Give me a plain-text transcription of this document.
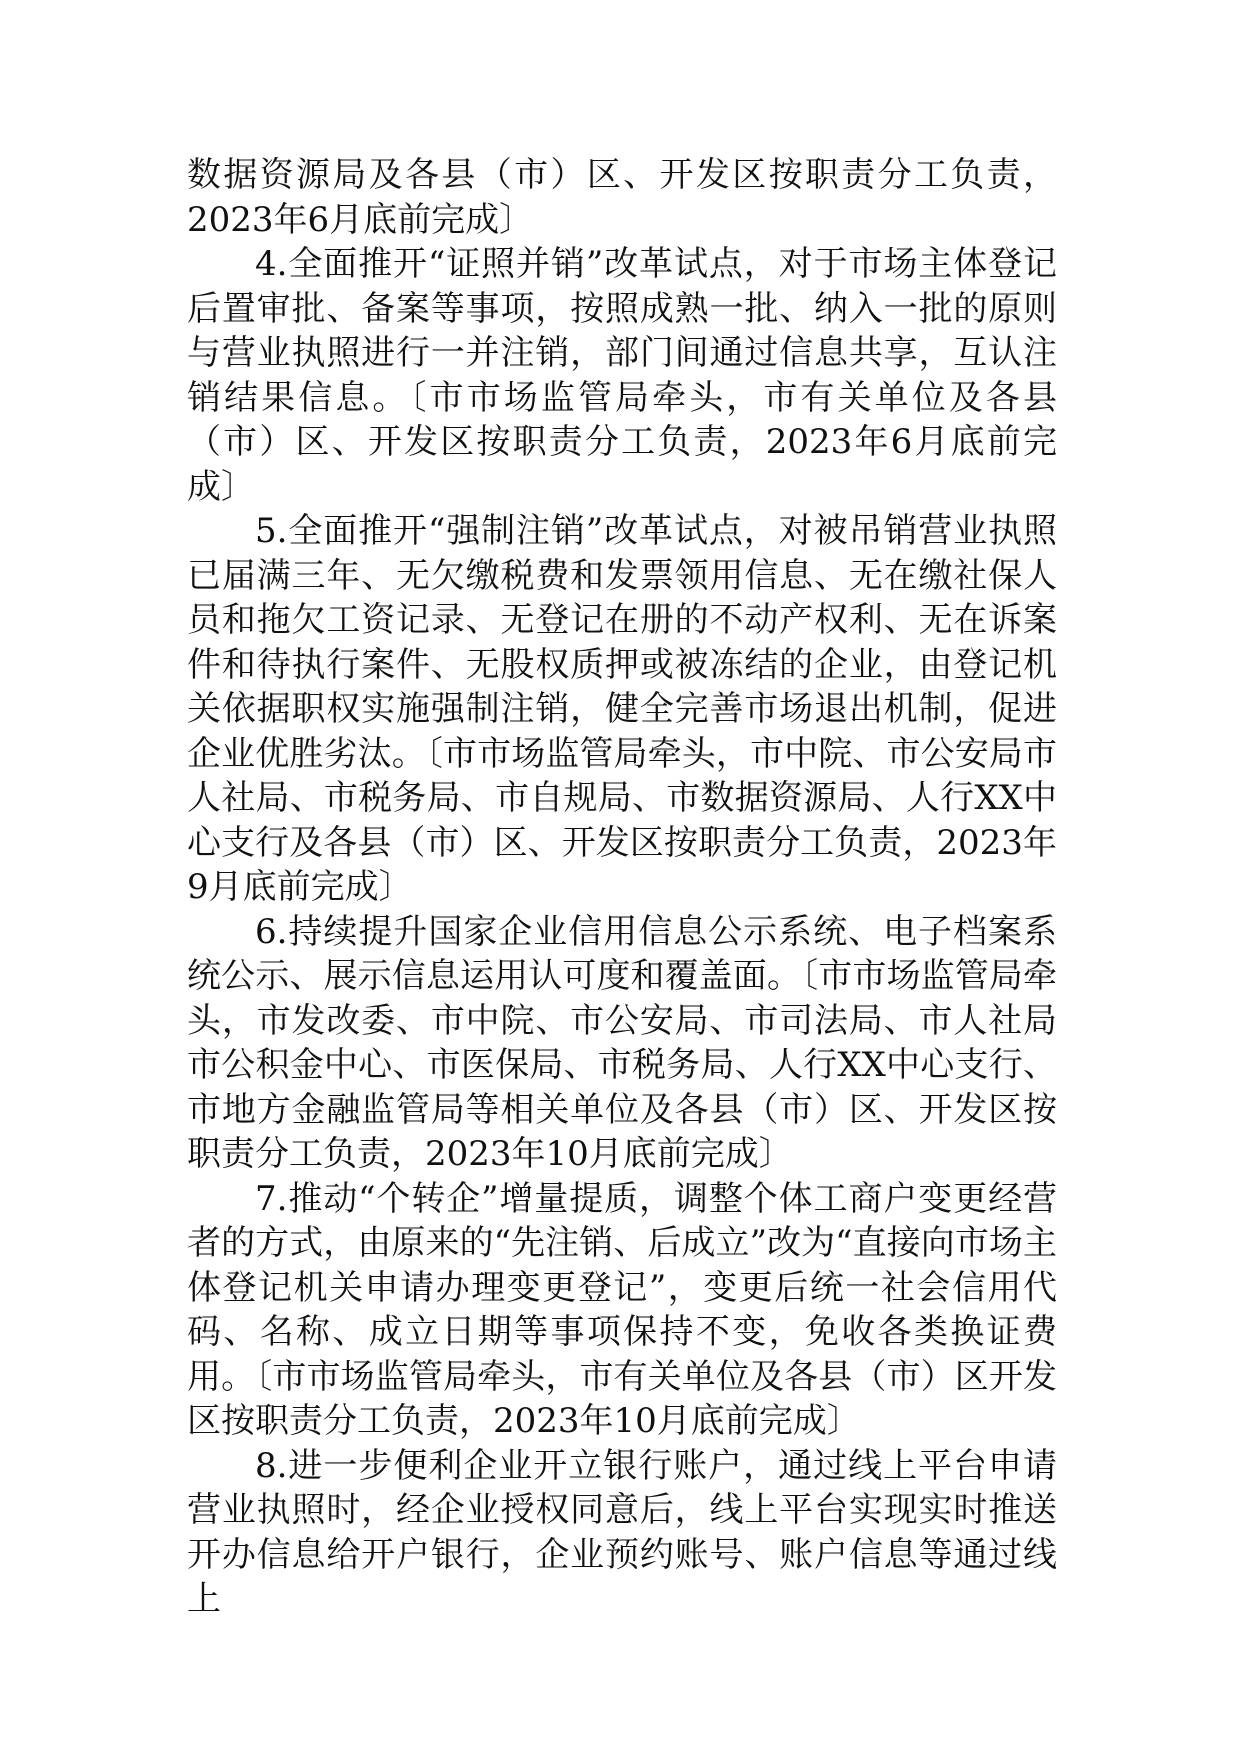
数据资源局及各县（市）区、开发区按职责分工负责，2023年6月底前完成〕

4.全面推开“证照并销”改革试点，对于市场主体登记后置审批、备案等事项，按照成熟一批、纳入一批的原则与营业执照进行一并注销，部门间通过信息共享，互认注销结果信息。〔市市场监管局牵头，市有关单位及各县（市）区、开发区按职责分工负责，2023年6月底前完成〕

5.全面推开“强制注销”改革试点，对被吊销营业执照已届满三年、无欠缴税费和发票领用信息、无在缴社保人员和拖欠工资记录、无登记在册的不动产权利、无在诉案件和待执行案件、无股权质押或被冻结的企业，由登记机关依据职权实施强制注销，健全完善市场退出机制，促进企业优胜劣汰。〔市市场监管局牵头，市中院、市公安局市人社局、市税务局、市自规局、市数据资源局、人行XX中心支行及各县（市）区、开发区按职责分工负责，2023年9月底前完成〕

6.持续提升国家企业信用信息公示系统、电子档案系统公示、展示信息运用认可度和覆盖面。〔市市场监管局牵头，市发改委、市中院、市公安局、市司法局、市人社局市公积金中心、市医保局、市税务局、人行XX中心支行、市地方金融监管局等相关单位及各县（市）区、开发区按职责分工负责，2023年10月底前完成〕

7.推动“个转企”增量提质，调整个体工商户变更经营者的方式，由原来的“先注销、后成立”改为“直接向市场主体登记机关申请办理变更登记”，变更后统一社会信用代码、名称、成立日期等事项保持不变，免收各类换证费用。〔市市场监管局牵头，市有关单位及各县（市）区开发区按职责分工负责，2023年10月底前完成〕

8.进一步便利企业开立银行账户，通过线上平台申请营业执照时，经企业授权同意后，线上平台实现实时推送开办信息给开户银行，企业预约账号、账户信息等通过线上
